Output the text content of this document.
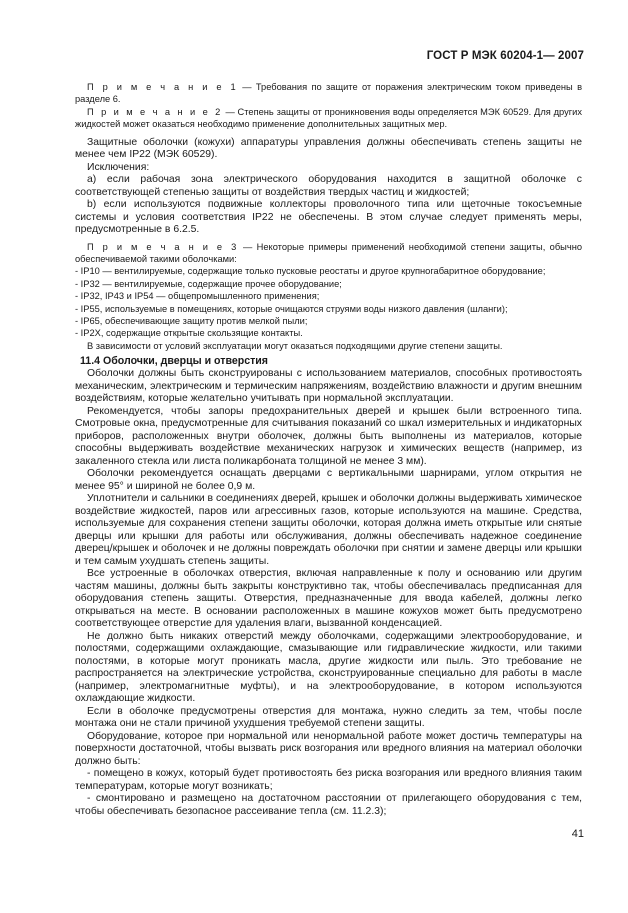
ГОСТ Р МЭК 60204-1— 2007

П р и м е ч а н и е 1 — Требования по защите от поражения электрическим током приведены в разделе 6.

П р и м е ч а н и е 2 — Степень защиты от проникновения воды определяется МЭК 60529. Для других жидкостей может оказаться необходимо применение дополнительных защитных мер.

Защитные оболочки (кожухи) аппаратуры управления должны обеспечивать степень защиты не менее чем IP22 (МЭК 60529).

Исключения:

а) если рабочая зона электрического оборудования находится в защитной оболочке с соответствующей степенью защиты от воздействия твердых частиц и жидкостей;

b) если используются подвижные коллекторы проволочного типа или щеточные токосъемные системы и условия соответствия IP22 не обеспечены. В этом случае следует применять меры, предусмотренные в 6.2.5.

П р и м е ч а н и е 3 — Некоторые примеры применений необходимой степени защиты, обычно обеспечиваемой такими оболочками:

- IP10 — вентилируемые, содержащие только пусковые реостаты и другое крупногабаритное оборудование;
- IP32 — вентилируемые, содержащие прочее оборудование;
- IP32, IP43 и IP54 — общепромышленного применения;
- IP55, используемые в помещениях, которые очищаются струями воды низкого давления (шланги);
- IP65, обеспечивающие защиту против мелкой пыли;
- IP2X, содержащие открытые скользящие контакты.

В зависимости от условий эксплуатации могут оказаться подходящими другие степени защиты.

11.4 Оболочки, дверцы и отверстия

Оболочки должны быть сконструированы с использованием материалов, способных противостоять механическим, электрическим и термическим напряжениям, воздействию влажности и другим внешним воздействиям, которые желательно учитывать при нормальной эксплуатации.

Рекомендуется, чтобы запоры предохранительных дверей и крышек были встроенного типа. Смотровые окна, предусмотренные для считывания показаний со шкал измерительных и индикаторных приборов, расположенных внутри оболочек, должны быть выполнены из материалов, которые способны выдерживать воздействие механических нагрузок и химических веществ (например, из закаленного стекла или листа поликарбоната толщиной не менее 3 мм).

Оболочки рекомендуется оснащать дверцами с вертикальными шарнирами, углом открытия не менее 95° и шириной не более 0,9 м.

Уплотнители и сальники в соединениях дверей, крышек и оболочки должны выдерживать химическое воздействие жидкостей, паров или агрессивных газов, которые используются на машине. Средства, используемые для сохранения степени защиты оболочки, которая должна иметь открытые или снятые дверцы или крышки для работы или обслуживания, должны обеспечивать надежное соединение дверец/крышек и оболочек и не должны повреждать оболочки при снятии и замене дверцы или крышки и тем самым ухудшать степень защиты.

Все устроенные в оболочках отверстия, включая направленные к полу и основанию или другим частям машины, должны быть закрыты конструктивно так, чтобы обеспечивалась предписанная для оборудования степень защиты. Отверстия, предназначенные для ввода кабелей, должны легко открываться на месте. В основании расположенных в машине кожухов может быть предусмотрено соответствующее отверстие для удаления влаги, вызванной конденсацией.

Не должно быть никаких отверстий между оболочками, содержащими электрооборудование, и полостями, содержащими охлаждающие, смазывающие или гидравлические жидкости, или такими полостями, в которые могут проникать масла, другие жидкости или пыль. Это требование не распространяется на электрические устройства, сконструированные специально для работы в масле (например, электромагнитные муфты), и на электрооборудование, в котором используются охлаждающие жидкости.

Если в оболочке предусмотрены отверстия для монтажа, нужно следить за тем, чтобы после монтажа они не стали причиной ухудшения требуемой степени защиты.

Оборудование, которое при нормальной или ненормальной работе может достичь температуры на поверхности достаточной, чтобы вызвать риск возгорания или вредного влияния на материал оболочки должно быть:

- помещено в кожух, который будет противостоять без риска возгорания или вредного влияния таким температурам, которые могут возникать;

- смонтировано и размещено на достаточном расстоянии от прилегающего оборудования с тем, чтобы обеспечивать безопасное рассеивание тепла (см. 11.2.3);

41
